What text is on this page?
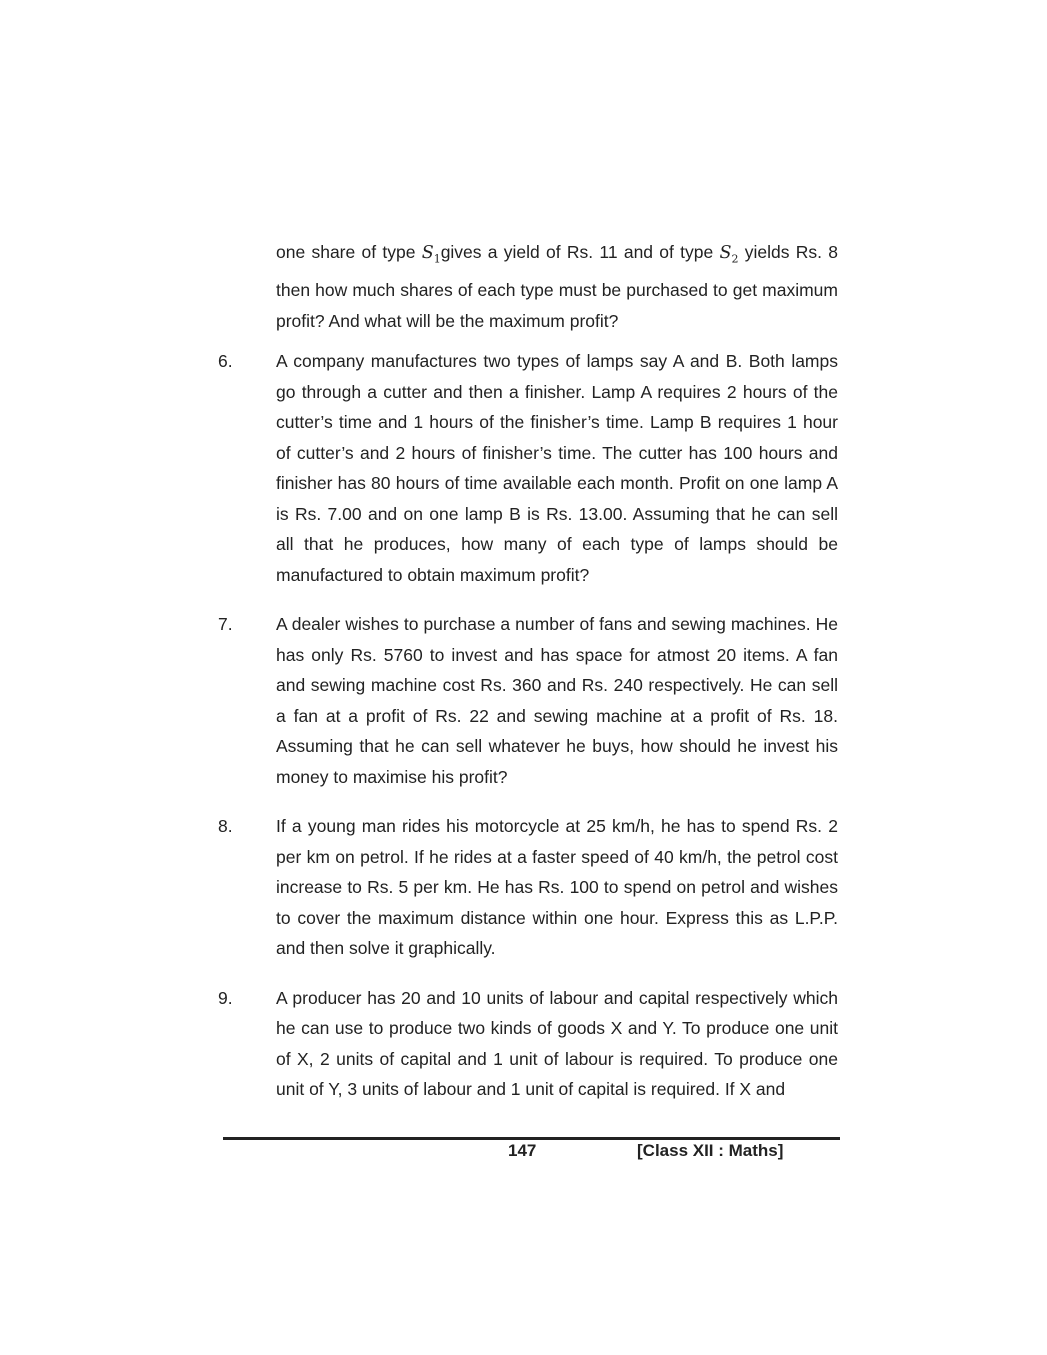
one share of type $S_1gives$ a yield of Rs. 11 and of type $S_2$ yields Rs. 8 then how much shares of each type must be purchased to get maximum profit? And what will be the maximum profit?
6.	A company manufactures two types of lamps say A and B. Both lamps go through a cutter and then a finisher. Lamp A requires 2 hours of the cutter’s time and 1 hours of the finisher’s time. Lamp B requires 1 hour of cutter’s and 2 hours of finisher’s time. The cutter has 100 hours and finisher has 80 hours of time available each month. Profit on one lamp A is Rs. 7.00 and on one lamp B is Rs. 13.00. Assuming that he can sell all that he produces, how many of each type of lamps should be manufactured to obtain maximum profit?
7.	A dealer wishes to purchase a number of fans and sewing machines. He has only Rs. 5760 to invest and has space for atmost 20 items. A fan and sewing machine cost Rs. 360 and Rs. 240 respectively. He can sell a fan at a profit of Rs. 22 and sewing machine at a profit of Rs. 18. Assuming that he can sell whatever he buys, how should he invest his money to maximise his profit?
8.	If a young man rides his motorcycle at 25 km/h, he has to spend Rs. 2 per km on petrol. If he rides at a faster speed of 40 km/h, the petrol cost increase to Rs. 5 per km. He has Rs. 100 to spend on petrol and wishes to cover the maximum distance within one hour. Express this as L.P.P. and then solve it graphically.
9.	A producer has 20 and 10 units of labour and capital respectively which he can use to produce two kinds of goods X and Y. To produce one unit of X, 2 units of capital and 1 unit of labour is required. To produce one unit of Y, 3 units of labour and 1 unit of capital is required. If X and
147	[Class XII : Maths]
